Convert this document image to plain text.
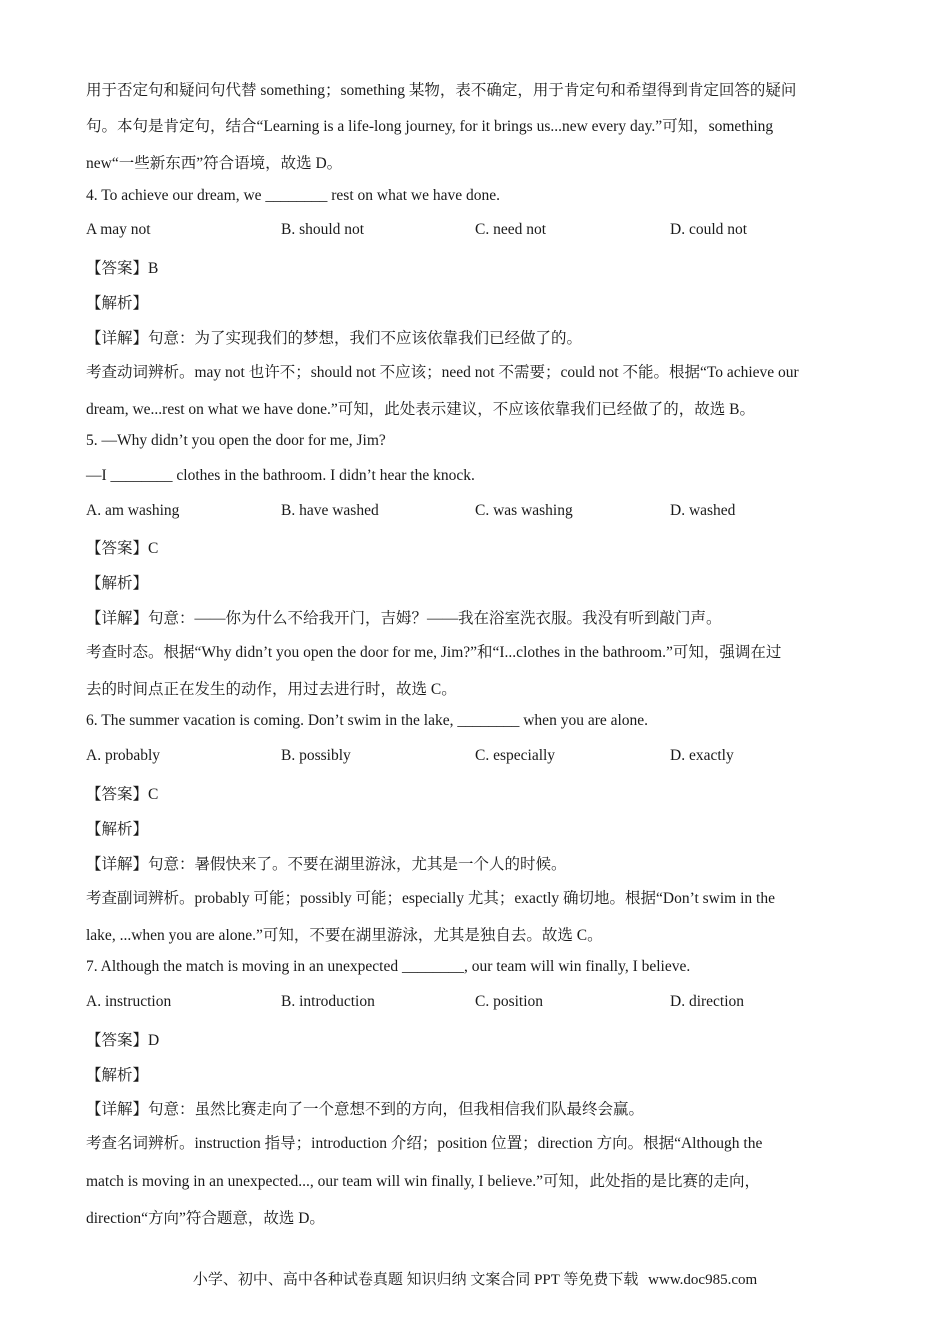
用于否定句和疑问句代替 something；something 某物，表不确定，用于肯定句和希望得到肯定回答的疑问
句。本句是肯定句，结合“Learning is a life-long journey, for it brings us...new every day.”可知，something
new“一些新东西”符合语境，故选 D。
4. To achieve our dream, we ________ rest on what we have done.
A may not	B. should not	C. need not	D. could not
【答案】B
【解析】
【详解】句意：为了实现我们的梦想，我们不应该依靠我们已经做了的。
考查动词辨析。may not 也许不；should not 不应该；need not 不需要；could not 不能。根据“To achieve our
dream, we...rest on what we have done.”可知，此处表示建议，不应该依靠我们已经做了的，故选 B。
5. —Why didn’t you open the door for me, Jim?
—I ________ clothes in the bathroom. I didn’t hear the knock.
A. am washing	B. have washed	C. was washing	D. washed
【答案】C
【解析】
【详解】句意：——你为什么不给我开门，吉姆？——我在浴室洗衣服。我没有听到敲门声。
考查时态。根据“Why didn’t you open the door for me, Jim?”和“I...clothes in the bathroom.”可知，强调在过
去的时间点正在发生的动作，用过去进行时，故选 C。
6. The summer vacation is coming. Don’t swim in the lake, ________ when you are alone.
A. probably	B. possibly	C. especially	D. exactly
【答案】C
【解析】
【详解】句意：暑假快来了。不要在湖里游泳，尤其是一个人的时候。
考查副词辨析。probably 可能；possibly 可能；especially 尤其；exactly 确切地。根据“Don’t swim in the
lake, ...when you are alone.”可知，不要在湖里游泳，尤其是独自去。故选 C。
7. Although the match is moving in an unexpected ________, our team will win finally, I believe.
A. instruction	B. introduction	C. position	D. direction
【答案】D
【解析】
【详解】句意：虽然比赛走向了一个意想不到的方向，但我相信我们队最终会赢。
考查名词辨析。instruction 指导；introduction 介绍；position 位置；direction 方向。根据“Although the
match is moving in an unexpected..., our team will win finally, I believe.”可知，此处指的是比赛的走向，
direction“方向”符合题意，故选 D。
小学、初中、高中各种试卷真题 知识归纳 文案合同 PPT 等免费下载 www.doc985.com
